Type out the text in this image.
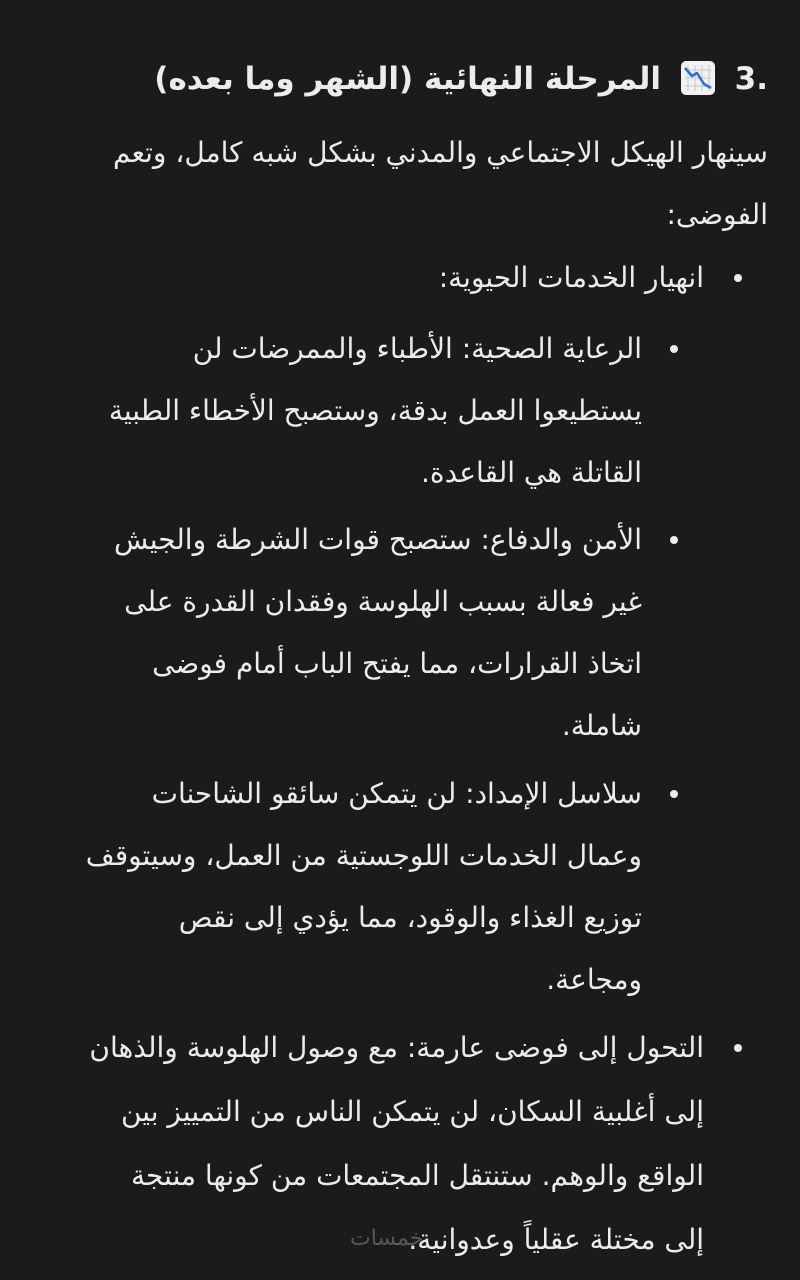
3.  المرحلة النهائية (الشهر وما بعده)

سينهار الهيكل الاجتماعي والمدني بشكل شبه كامل، وتعم

الفوضى:

انهيار الخدمات الحيوية:

الرعاية الصحية: الأطباء والممرضات لن

يستطيعوا العمل بدقة، وستصبح الأخطاء الطبية

القاتلة هي القاعدة.

الأمن والدفاع: ستصبح قوات الشرطة والجيش

غير فعالة بسبب الهلوسة وفقدان القدرة على

اتخاذ القرارات، مما يفتح الباب أمام فوضى

شاملة.

سلاسل الإمداد: لن يتمكن سائقو الشاحنات

وعمال الخدمات اللوجستية من العمل، وسيتوقف

توزيع الغذاء والوقود، مما يؤدي إلى نقص

ومجاعة.

التحول إلى فوضى عارمة: مع وصول الهلوسة والذهان

إلى أغلبية السكان، لن يتمكن الناس من التمييز بين

الواقع والوهم. ستنتقل المجتمعات من كونها منتجة

إلى مختلة عقلياً وعدوانية.

خمسات
